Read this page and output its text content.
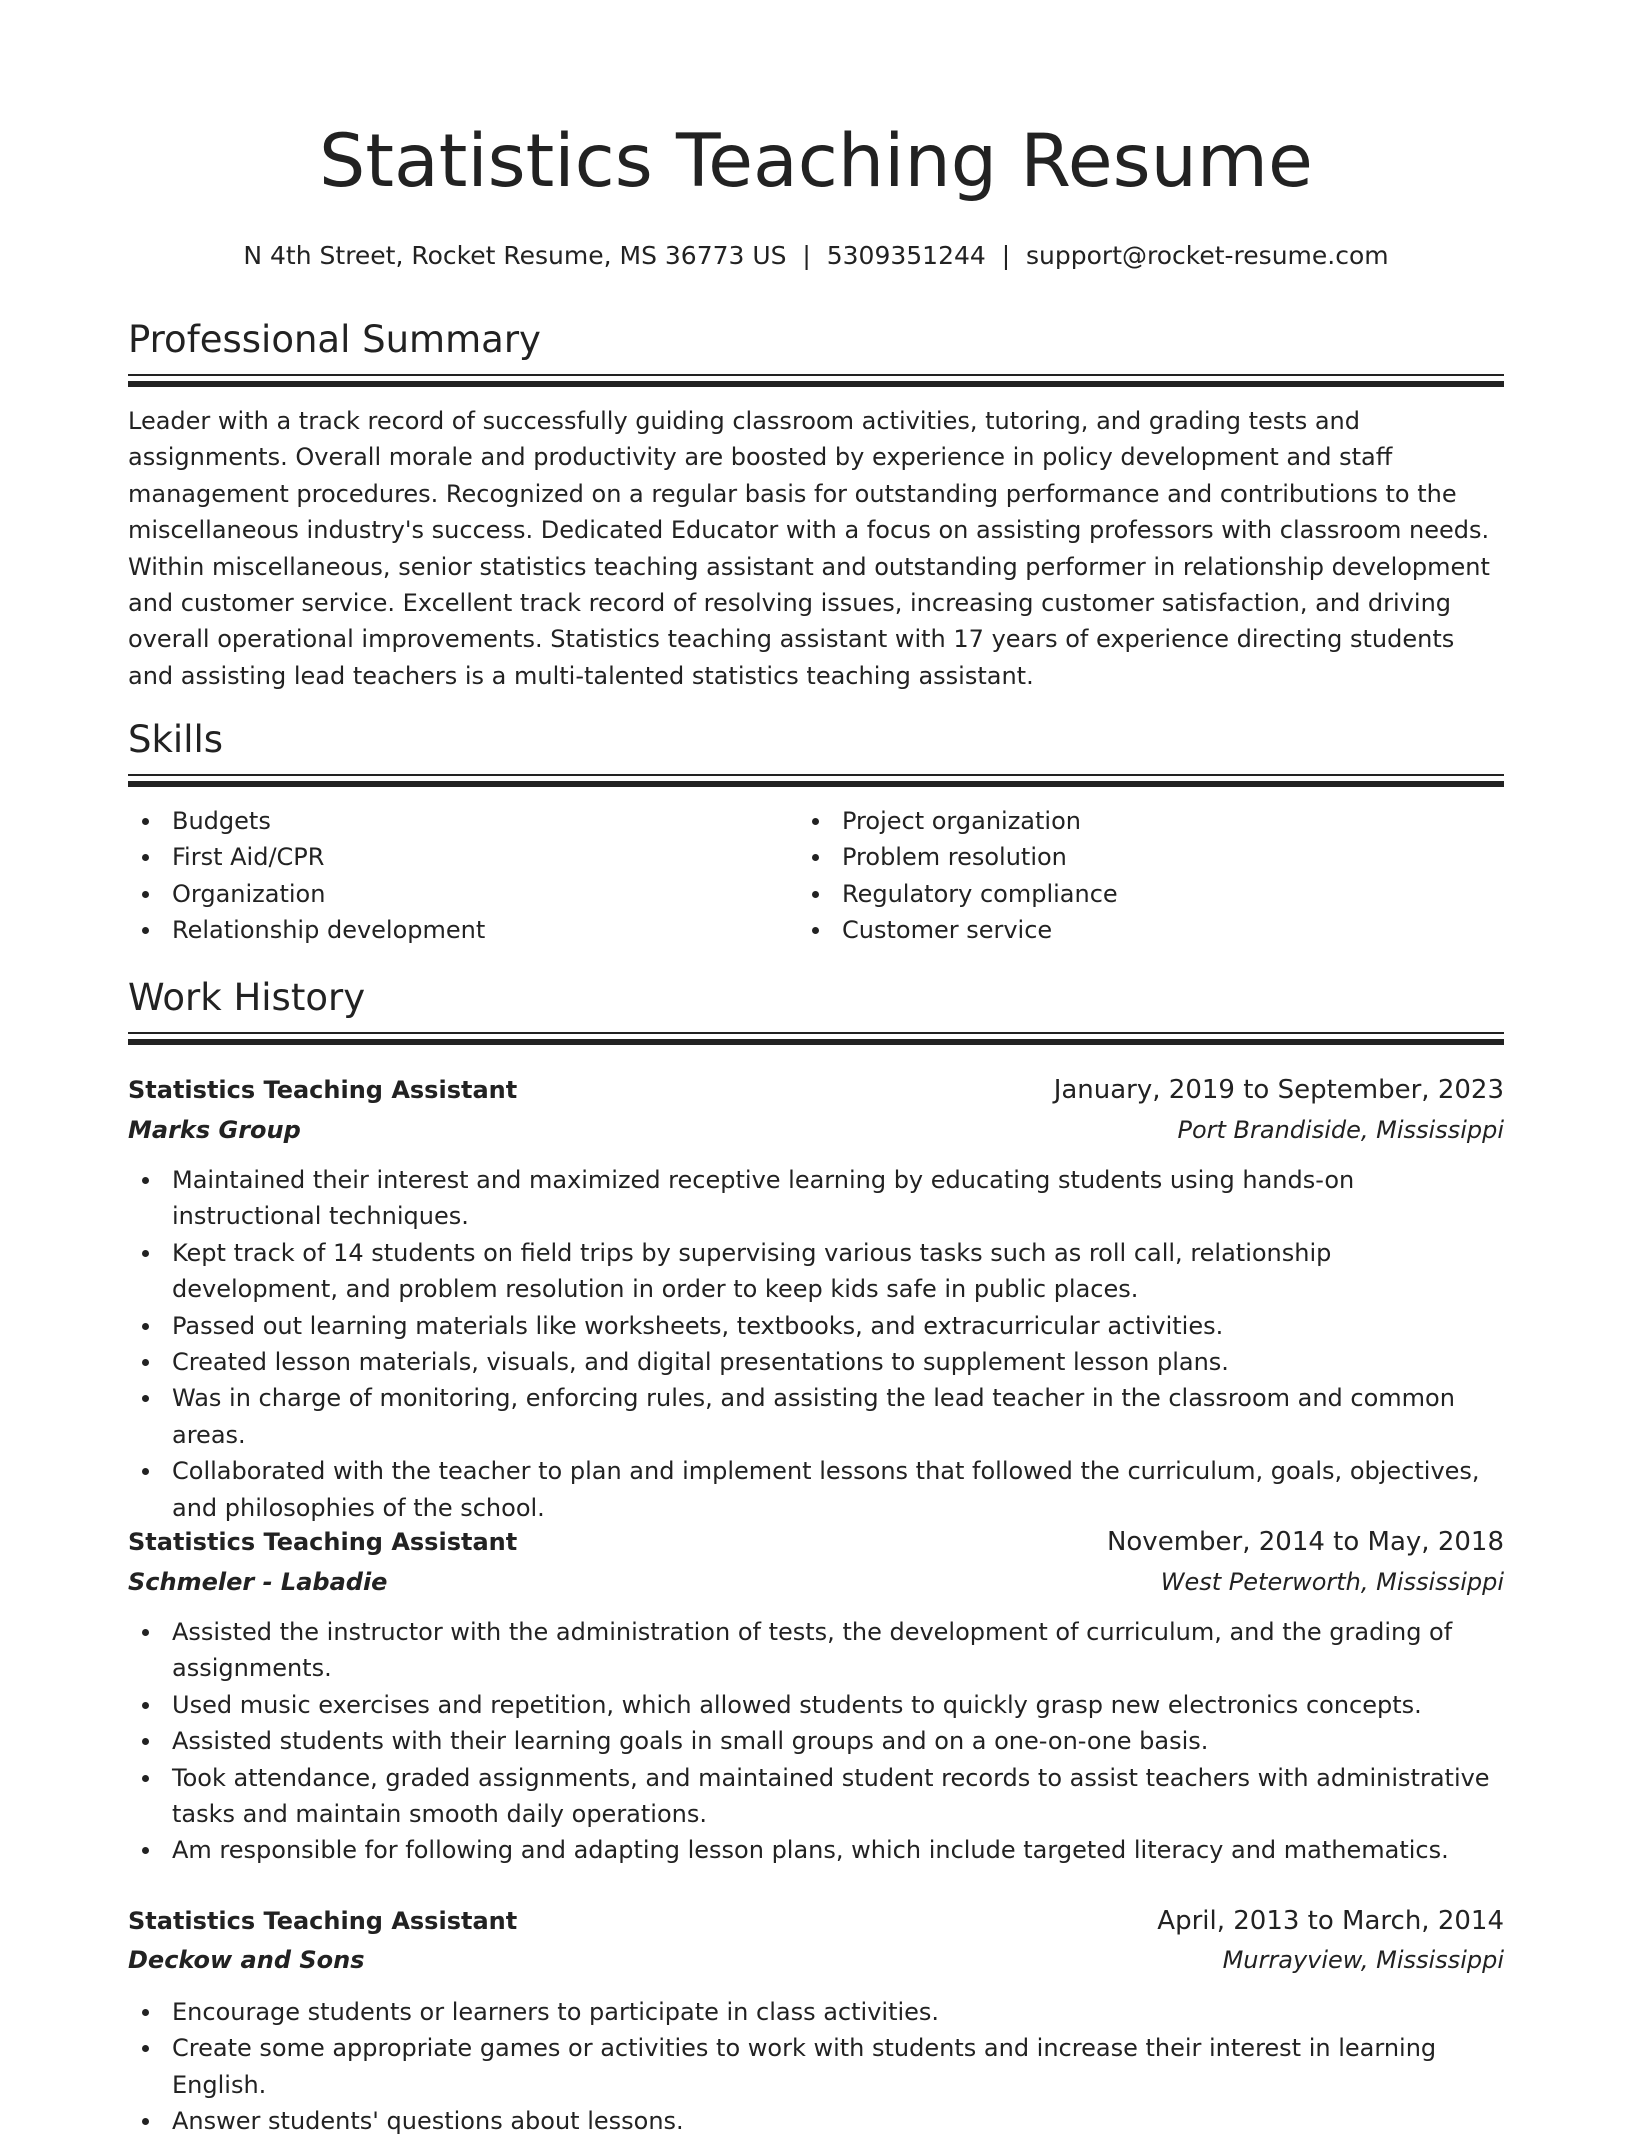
Statistics Teaching Resume
N 4th Street, Rocket Resume, MS 36773 US  |  5309351244  |  support@rocket-resume.com
Professional Summary

Leader with a track record of successfully guiding classroom activities, tutoring, and grading tests and assignments. Overall morale and productivity are boosted by experience in policy development and staff management procedures. Recognized on a regular basis for outstanding performance and contributions to the miscellaneous industry's success. Dedicated Educator with a focus on assisting professors with classroom needs. Within miscellaneous, senior statistics teaching assistant and outstanding performer in relationship development and customer service. Excellent track record of resolving issues, increasing customer satisfaction, and driving overall operational improvements. Statistics teaching assistant with 17 years of experience directing students and assisting lead teachers is a multi-talented statistics teaching assistant.

Skills
Budgets
First Aid/CPR
Organization
Relationship development
Project organization
Problem resolution
Regulatory compliance
Customer service
Work History
Statistics Teaching Assistant	January, 2019 to September, 2023
Marks Group	Port Brandiside, Mississippi
Maintained their interest and maximized receptive learning by educating students using hands-on instructional techniques.
Kept track of 14 students on field trips by supervising various tasks such as roll call, relationship development, and problem resolution in order to keep kids safe in public places.
Passed out learning materials like worksheets, textbooks, and extracurricular activities.
Created lesson materials, visuals, and digital presentations to supplement lesson plans.
Was in charge of monitoring, enforcing rules, and assisting the lead teacher in the classroom and common areas.
Collaborated with the teacher to plan and implement lessons that followed the curriculum, goals, objectives, and philosophies of the school.
Statistics Teaching Assistant	November, 2014 to May, 2018
Schmeler - Labadie	West Peterworth, Mississippi
Assisted the instructor with the administration of tests, the development of curriculum, and the grading of assignments.
Used music exercises and repetition, which allowed students to quickly grasp new electronics concepts.
Assisted students with their learning goals in small groups and on a one-on-one basis.
Took attendance, graded assignments, and maintained student records to assist teachers with administrative tasks and maintain smooth daily operations.
Am responsible for following and adapting lesson plans, which include targeted literacy and mathematics.
Statistics Teaching Assistant	April, 2013 to March, 2014
Deckow and Sons	Murrayview, Mississippi
Encourage students or learners to participate in class activities.
Create some appropriate games or activities to work with students and increase their interest in learning English.
Answer students' questions about lessons.
